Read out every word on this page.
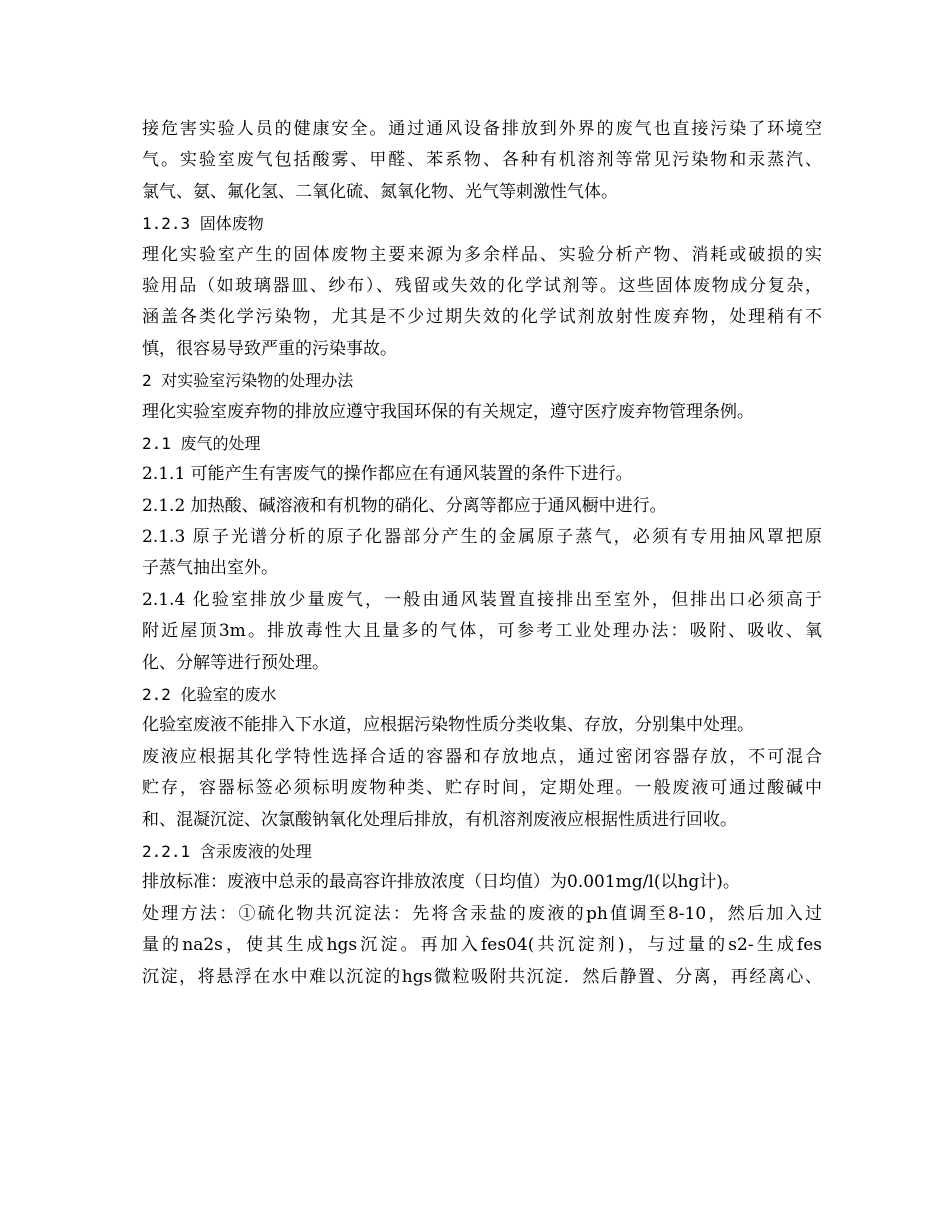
接危害实验人员的健康安全。通过通风设备排放到外界的废气也直接污染了环境空
气。实验室废气包括酸雾、甲醛、苯系物、各种有机溶剂等常见污染物和汞蒸汽、
氯气、氨、氟化氢、二氧化硫、氮氧化物、光气等刺激性气体。
1.2.3 固体废物
理化实验室产生的固体废物主要来源为多余样品、实验分析产物、消耗或破损的实
验用品（如玻璃器皿、纱布）、残留或失效的化学试剂等。这些固体废物成分复杂，
涵盖各类化学污染物，尤其是不少过期失效的化学试剂放射性废弃物，处理稍有不
慎，很容易导致严重的污染事故。
2 对实验室污染物的处理办法
理化实验室废弃物的排放应遵守我国环保的有关规定，遵守医疗废弃物管理条例。
2.1 废气的处理
2.1.1 可能产生有害废气的操作都应在有通风装置的条件下进行。
2.1.2 加热酸、碱溶液和有机物的硝化、分离等都应于通风橱中进行。
2.1.3 原子光谱分析的原子化器部分产生的金属原子蒸气，必须有专用抽风罩把原
子蒸气抽出室外。
2.1.4 化验室排放少量废气，一般由通风装置直接排出至室外，但排出口必须高于
附近屋顶3m。排放毒性大且量多的气体，可参考工业处理办法：吸附、吸收、氧
化、分解等进行预处理。
2.2 化验室的废水
化验室废液不能排入下水道，应根据污染物性质分类收集、存放，分别集中处理。
废液应根据其化学特性选择合适的容器和存放地点，通过密闭容器存放，不可混合
贮存，容器标签必须标明废物种类、贮存时间，定期处理。一般废液可通过酸碱中
和、混凝沉淀、次氯酸钠氧化处理后排放，有机溶剂废液应根据性质进行回收。
2.2.1 含汞废液的处理
排放标准：废液中总汞的最高容许排放浓度（日均值）为0.001mg/l(以hg计)。
处理方法：①硫化物共沉淀法：先将含汞盐的废液的ph值调至8-10，然后加入过
量的na2s，使其生成hgs沉淀。再加入fes04(共沉淀剂)，与过量的s2-生成fes
沉淀，将悬浮在水中难以沉淀的hgs微粒吸附共沉淀．然后静置、分离，再经离心、
